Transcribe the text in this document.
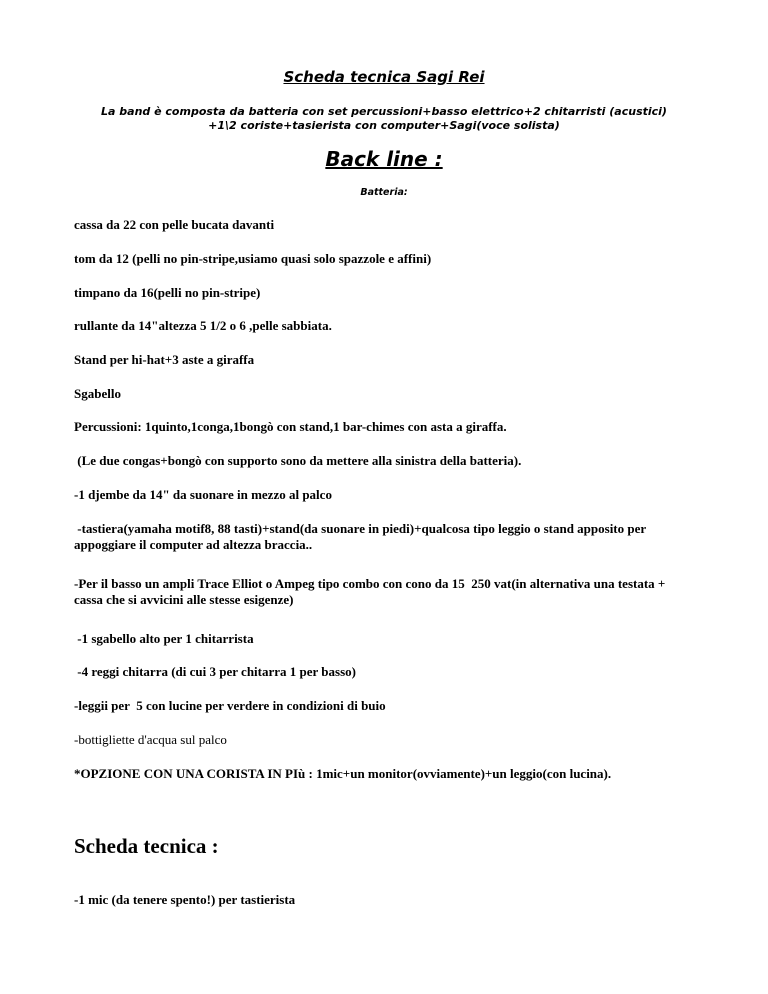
Scheda tecnica Sagi Rei
La band è composta da batteria con set percussioni+basso elettrico+2 chitarristi (acustici)
+1\2 coriste+tasierista con computer+Sagi(voce solista)
Back line :
Batteria:
cassa da 22 con pelle bucata davanti
tom da 12 (pelli no pin-stripe,usiamo quasi solo spazzole e affini)
timpano da 16(pelli no pin-stripe)
rullante da 14"altezza 5 1/2 o 6 ,pelle sabbiata.
Stand per hi-hat+3 aste a giraffa
Sgabello
Percussioni: 1quinto,1conga,1bongò con stand,1 bar-chimes con asta a giraffa.
(Le due congas+bongò con supporto sono da mettere alla sinistra della batteria).
-1 djembe da 14" da suonare in mezzo al palco
-tastiera(yamaha motif8, 88 tasti)+stand(da suonare in piedi)+qualcosa tipo leggio o stand apposito per appoggiare il computer ad altezza braccia..
-Per il basso un ampli Trace Elliot o Ampeg tipo combo con cono da 15  250 vat(in alternativa una testata + cassa che si avvicini alle stesse esigenze)
-1 sgabello alto per 1 chitarrista
-4 reggi chitarra (di cui 3 per chitarra 1 per basso)
-leggii per  5 con lucine per verdere in condizioni di buio
-bottigliette d'acqua sul palco
*OPZIONE CON UNA CORISTA IN PIù : 1mic+un monitor(ovviamente)+un leggio(con lucina).
Scheda tecnica :
-1 mic (da tenere spento!) per tastierista
